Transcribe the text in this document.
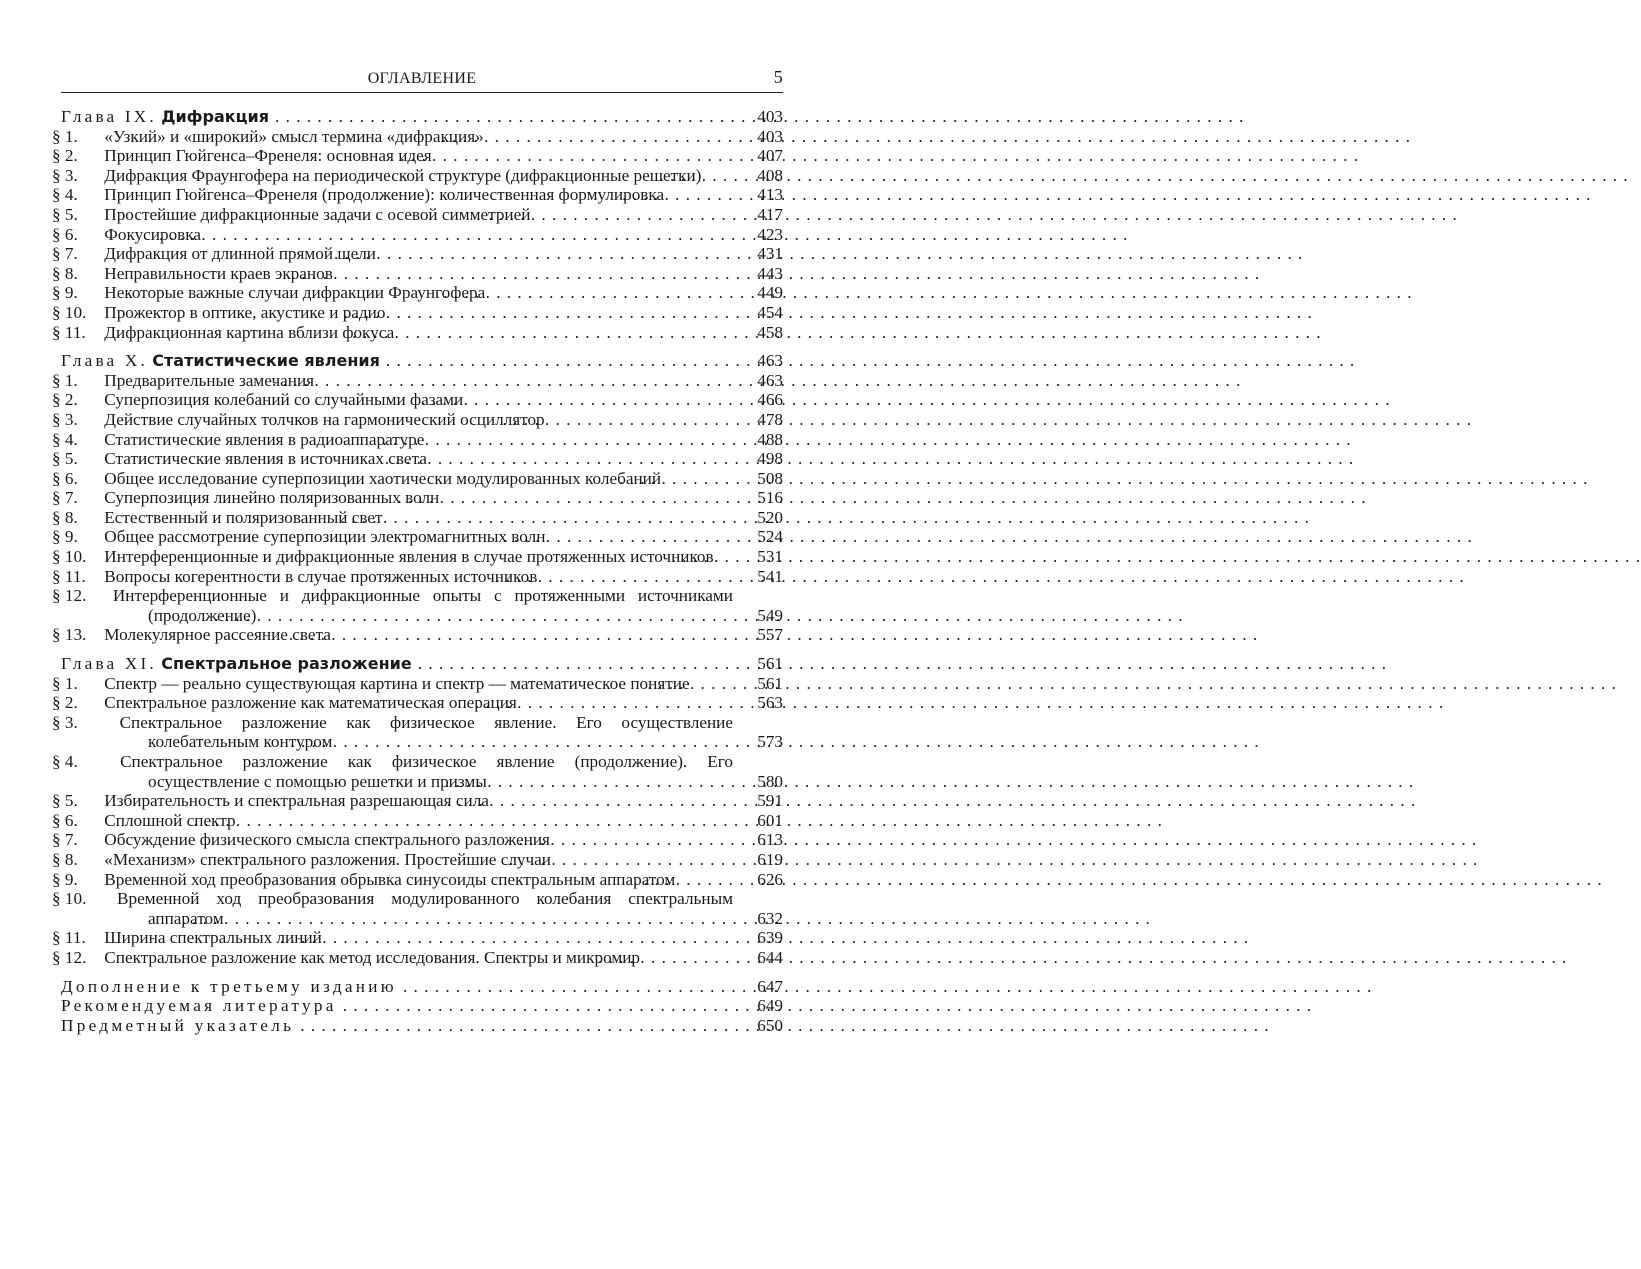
ОГЛАВЛЕНИЕ	5
Глава IX. Дифракция . . .	403
§ 1. «Узкий» и «широкий» смысл термина «дифракция» . . .	403
§ 2. Принцип Гюйгенса–Френеля: основная идея . . .	407
§ 3. Дифракция Фраунгофера на периодической структуре (дифракционные решетки) . . .	408
§ 4. Принцип Гюйгенса–Френеля (продолжение): количественная формулировка . . .	413
§ 5. Простейшие дифракционные задачи с осевой симметрией . . .	417
§ 6. Фокусировка . . .	423
§ 7. Дифракция от длинной прямой щели . . .	431
§ 8. Неправильности краев экранов . . .	443
§ 9. Некоторые важные случаи дифракции Фраунгофера . . .	449
§ 10. Прожектор в оптике, акустике и радио . . .	454
§ 11. Дифракционная картина вблизи фокуса . . .	458
Глава X. Статистические явления . . .	463
§ 1. Предварительные замечания . . .	463
§ 2. Суперпозиция колебаний со случайными фазами . . .	466
§ 3. Действие случайных толчков на гармонический осциллятор . . .	478
§ 4. Статистические явления в радиоаппаратуре . . .	488
§ 5. Статистические явления в источниках света . . .	498
§ 6. Общее исследование суперпозиции хаотически модулированных колебаний . . .	508
§ 7. Суперпозиция линейно поляризованных волн . . .	516
§ 8. Естественный и поляризованный свет . . .	520
§ 9. Общее рассмотрение суперпозиции электромагнитных волн . . .	524
§ 10. Интерференционные и дифракционные явления в случае протяженных источников . . .	531
§ 11. Вопросы когерентности в случае протяженных источников . . .	541
§ 12. Интерференционные и дифракционные опыты с протяженными источниками (продолжение) . . .	549
§ 13. Молекулярное рассеяние света . . .	557
Глава XI. Спектральное разложение . . .	561
§ 1. Спектр — реально существующая картина и спектр — математическое понятие . . .	561
§ 2. Спектральное разложение как математическая операция . . .	563
§ 3. Спектральное разложение как физическое явление. Его осуществление колебательным контуром . . .	573
§ 4. Спектральное разложение как физическое явление (продолжение). Его осуществление с помощью решетки и призмы . . .	580
§ 5. Избирательность и спектральная разрешающая сила . . .	591
§ 6. Сплошной спектр . . .	601
§ 7. Обсуждение физического смысла спектрального разложения . . .	613
§ 8. «Механизм» спектрального разложения. Простейшие случаи . . .	619
§ 9. Временной ход преобразования обрывка синусоиды спектральным аппаратом . . .	626
§ 10. Временной ход преобразования модулированного колебания спектральным аппаратом . . .	632
§ 11. Ширина спектральных линий . . .	639
§ 12. Спектральное разложение как метод исследования. Спектры и микромир . . .	644
Дополнение к третьему изданию . . .	647
Рекомендуемая литература . . .	649
Предметный указатель . . .	650
